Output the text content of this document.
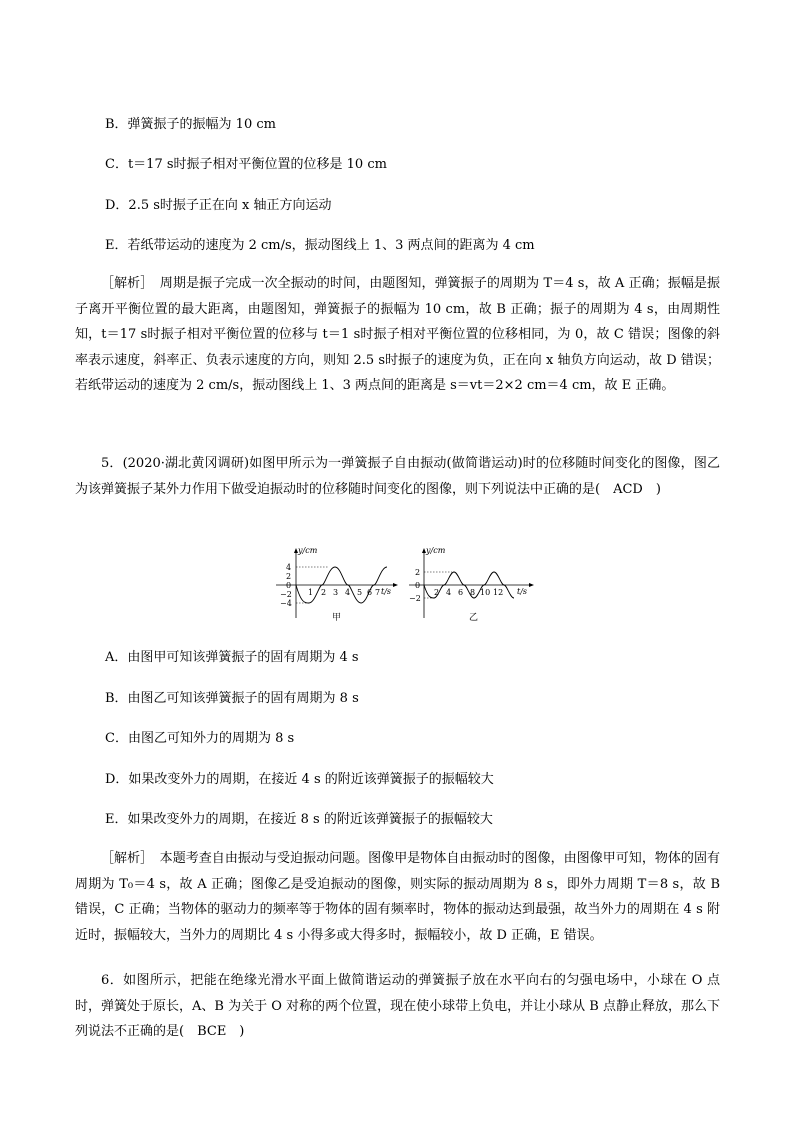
B．弹簧振子的振幅为 10 cm
C．t＝17 s时振子相对平衡位置的位移是 10 cm
D．2.5 s时振子正在向 x 轴正方向运动
E．若纸带运动的速度为 2 cm/s，振动图线上 1、3 两点间的距离为 4 cm
［解析］　周期是振子完成一次全振动的时间，由题图知，弹簧振子的周期为 T＝4 s，故 A 正确；振幅是振子离开平衡位置的最大距离，由题图知，弹簧振子的振幅为 10 cm，故 B 正确；振子的周期为 4 s，由周期性知，t＝17 s时振子相对平衡位置的位移与 t＝1 s时振子相对平衡位置的位移相同，为 0，故 C 错误；图像的斜率表示速度，斜率正、负表示速度的方向，则知 2.5 s时振子的速度为负，正在向 x 轴负方向运动，故 D 错误；若纸带运动的速度为 2 cm/s，振动图线上 1、3 两点间的距离是 s＝vt＝2×2 cm＝4 cm，故 E 正确。
5．(2020·湖北黄冈调研)如图甲所示为一弹簧振子自由振动(做简谐运动)时的位移随时间变化的图像，图乙为该弹簧振子某外力作用下做受迫振动时的位移随时间变化的图像，则下列说法中正确的是(　ACD　)
y/cm
t/s
4
2
0
−2
−4
1 2 3 4 5 6 7
甲
y/cm
t/s
2
0
−2
2 4 6 8 10 12
乙
A．由图甲可知该弹簧振子的固有周期为 4 s
B．由图乙可知该弹簧振子的固有周期为 8 s
C．由图乙可知外力的周期为 8 s
D．如果改变外力的周期，在接近 4 s 的附近该弹簧振子的振幅较大
E．如果改变外力的周期，在接近 8 s 的附近该弹簧振子的振幅较大
［解析］　本题考查自由振动与受迫振动问题。图像甲是物体自由振动时的图像，由图像甲可知，物体的固有周期为 T₀＝4 s，故 A 正确；图像乙是受迫振动的图像，则实际的振动周期为 8 s，即外力周期 T＝8 s，故 B 错误，C 正确；当物体的驱动力的频率等于物体的固有频率时，物体的振动达到最强，故当外力的周期在 4 s 附近时，振幅较大，当外力的周期比 4 s 小得多或大得多时，振幅较小，故 D 正确，E 错误。
6．如图所示，把能在绝缘光滑水平面上做简谐运动的弹簧振子放在水平向右的匀强电场中，小球在 O 点时，弹簧处于原长，A、B 为关于 O 对称的两个位置，现在使小球带上负电，并让小球从 B 点静止释放，那么下列说法不正确的是(　BCE　)
